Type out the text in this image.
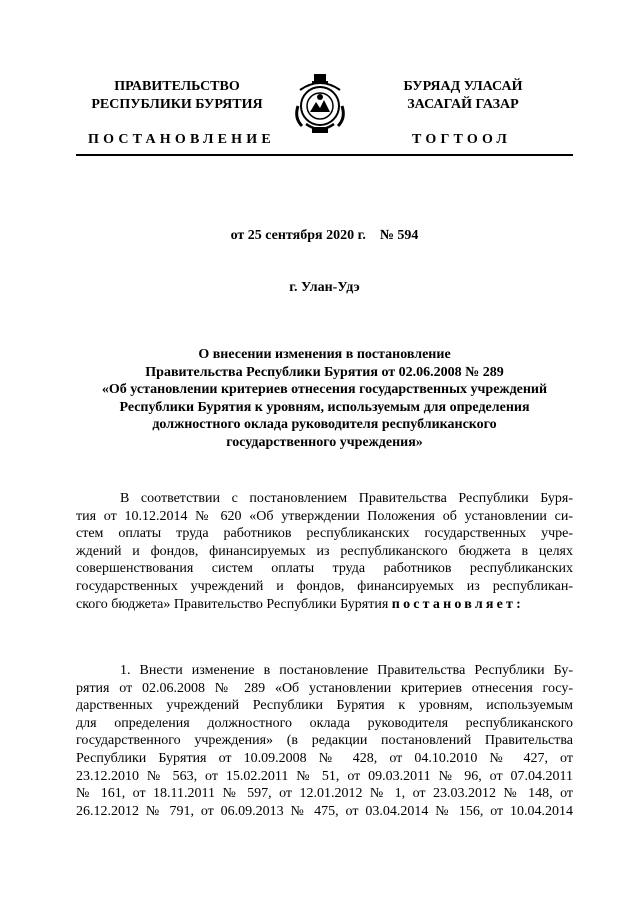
ПРАВИТЕЛЬСТВО
РЕСПУБЛИКИ БУРЯТИЯ
БУРЯАД УЛАСАЙ
ЗАСАГАЙ ГАЗАР
ПОСТАНОВЛЕНИЕ	ТОГТООЛ
от 25 сентября 2020 г. № 594
г. Улан-Удэ
О внесении изменения в постановление
Правительства Республики Бурятия от 02.06.2008 № 289
«Об установлении критериев отнесения государственных учреждений
Республики Бурятия к уровням, используемым для определения
должностного оклада руководителя республиканского
государственного учреждения»
В соответствии с постановлением Правительства Республики Буря-
тия от 10.12.2014 № 620 «Об утверждении Положения об установлении си-
стем оплаты труда работников республиканских государственных учре-
ждений и фондов, финансируемых из республиканского бюджета в целях
совершенствования систем оплаты труда работников республиканских
государственных учреждений и фондов, финансируемых из республикан-
ского бюджета» Правительство Республики Бурятия постановляет:
1. Внести изменение в постановление Правительства Республики Бу-
рятия от 02.06.2008 № 289 «Об установлении критериев отнесения госу-
дарственных учреждений Республики Бурятия к уровням, используемым
для определения должностного оклада руководителя республиканского
государственного учреждения» (в редакции постановлений Правительства
Республики Бурятия от 10.09.2008 № 428, от 04.10.2010 № 427, от
23.12.2010 № 563, от 15.02.2011 № 51, от 09.03.2011 № 96, от 07.04.2011
№ 161, от 18.11.2011 № 597, от 12.01.2012 № 1, от 23.03.2012 № 148, от
26.12.2012 № 791, от 06.09.2013 № 475, от 03.04.2014 № 156, от 10.04.2014
